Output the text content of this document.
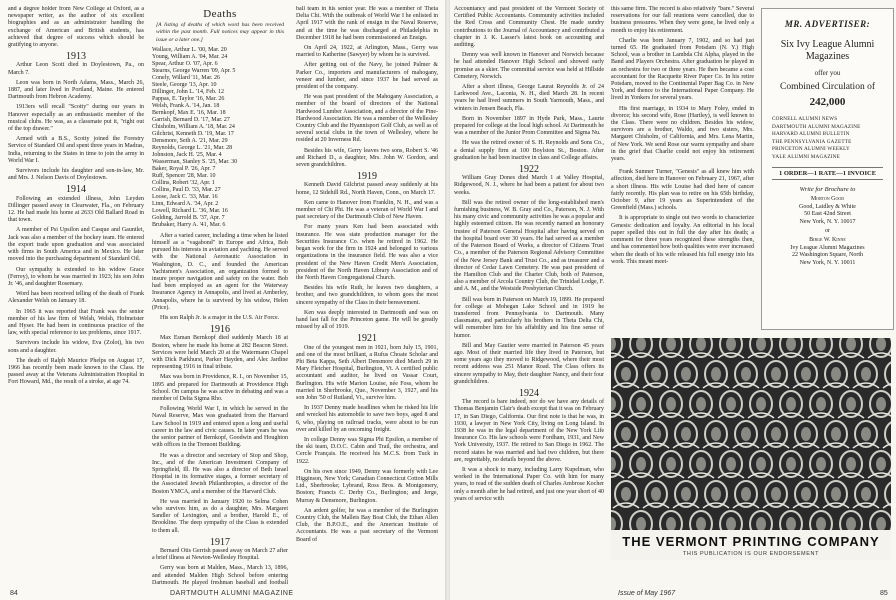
and a degree holder from New College at Oxford, as a newspaper writer, as the author of six excellent biographies and as an administrator handling the exchange of American and British students, has achieved that degree of success which should be gratifying to anyone.

1913

Arthur Leon Scott died in Doylestown, Pa., on March 7.

Leon was born in North Adams, Mass., March 26, 1887, and later lived in Portland, Maine. He entered Dartmouth from Hebron Academy.

1913ers will recall "Scotty" during our years in Hanover especially as an enthusiastic member of the musical clubs. He was, as a classmate put it, "right out of the top drawer."

Armed with a B.S., Scotty joined the Forestry Service of Standard Oil and spent three years in Madras, India, returning to the States in time to join the army in World War I.

Survivors include his daughter and son-in-law, Mr. and Mrs. J. Nelson Davis of Doylestown.

1914

Following an extended illness, John Leyden Dillinger passed away in Clearwater, Fla., on February 12. He had made his home at 2633 Old Ballard Road in that town.

A member of Psi Upsilon and Casque and Gauntlet, Jack was also a member of the hockey team. He entered the export trade upon graduation and was associated with firms in South America and in Mexico. He later moved into the purchasing department of Standard Oil.

Our sympathy is extended to his widow Grace (Ferrey), to whom he was married in 1923; his son John Jr. '46, and daughter Rosemary.

Word has been received telling of the death of Frank Alexander Welsh on January 18.

In 1965 it was reported that Frank was the senior member of his law firm of Welsh, Welsh, Hofmeister and Hyser. He had been in continuous practice of the law, with special reference to tax problems, since 1917.

Survivors include his widow, Eva (Zolot), his two sons and a daughter.

The death of Ralph Maurice Phelps on August 17, 1966 has recently been made known to the Class. He passed away at the Veterans Administration Hospital in Fort Howard, Md., the result of a stroke, at age 74.

Deaths
[A listing of deaths of which word has been received within the past month. Full notices may appear in this issue or a later one.]
Wallace, Arthur L. '00, Mar. 20
Young, William A. '04, Mar. 24
Spear, Arthur O. '07, Apr. 6
Stearns, George Warren '09, Apr. 5
Conely, Willard '11, Mar. 26
Steele, George '13, Apr. 10
Dillinger, John L. '14, Feb. 12
Pappas, E. Taylor '16, Mar. 26
Welsh, Frank A. '14, Jan. 18
Bernkopf, Max E. '16, Mar. 18
Garrish, Bernard D. '17, Mar. 27
Chisholm, William A. '18, Mar. 24
Gilchrist, Kenneth D. '19, Mar. 17
Densmore, Seth A. '21, Mar. 29
Reynolds, George L. '21, Mar. 28
Johnston, Jack H. '25, Mar. 4
Wasserman, Stanley S. '25, Mar. 30
Baker, Royal P. '26, Apr. 7
Ruff, Spencer '28, Mar. 10
Collins, Robert '32, Apr. 1
Collins, Paul D. '33, Mar. 27
Loose, Jack C. '33, Mar. 16
Linn, Edward A. '34, Apr. 2
Lowell, Richard L. '36, Mar. 16
Golding, Jarrold B. '37, Apr. 7
Brubaker, Harry A. '41, Mar. 6

After a varied career, including a time when he listed himself as a "vagabond" in Europe and Africa, Bob pursued his interests in aviation and yachting. He served with the National Aeronautic Association in Washington, D. C., and founded the American Yachtsmen's Association, an organization formed to insure proper navigation and safety on the water. Bob had been employed as an agent for the Waterway Insurance Agency in Annapolis, and lived at Amberley, Annapolis, where he is survived by his widow, Helen (Price).

His son Ralph Jr. is a major in the U.S. Air Force.

1916

Max Esman Bernkopf died suddenly March 18 at Boston, where he made his home at 282 Beacon Street. Services were held March 20 at the Watermann Chapel with Dick Parkhurst, Parker Hayden, and Alec Jardine representing 1916 in final tribute.

Max was born in Providence, R. I., on November 15, 1895 and prepared for Dartmouth at Providence High School. On campus he was active in debating and was a member of Delta Sigma Rho.

Following World War I, in which he served in the Naval Reserve, Max was graduated from the Harvard Law School in 1919 and entered upon a long and useful career in the law and civic causes. In later years he was the senior partner of Bernkopf, Goodwin and Houghton with offices in the Tremont Building.

He was a director and secretary of Stop and Shop, Inc., and of the American Investment Company of Springfield, Ill. He was also a director of Beth Israel Hospital in its formative stages, a former secretary of the Associated Jewish Philanthropies, a director of the Boston YMCA, and a member of the Harvard Club.

He was married in January 1920 to Selma Cohen who survives him, as do a daughter, Mrs. Margaret Sandler of Lexington, and a brother, Harold E., of Brookline. The deep sympathy of the Class is extended to them all.

1917

Bernard Otis Gerrish passed away on March 27 after a brief illness at Newton-Wellesley Hospital.

Gerry was born at Malden, Mass., March 13, 1896, and attended Malden High School before entering Dartmouth. He played freshman baseball and football

ball team in his senior year. He was a member of Theta Delta Chi. With the outbreak of World War I he enlisted in April 1917 with the rank of ensign in the Naval Reserve, and at the time he was discharged at Philadelphia in December 1918 he had been commissioned an Ensign.

On April 24, 1922, at Arlington, Mass., Gerry was married to Katherine (Sawyer) by whom he is survived.

After getting out of the Navy, he joined Palmer & Parker Co., importers and manufacturers of mahogany, veneer and lumber, and since 1937 he had served as president of the company.

He was past president of the Mahogany Association, a member of the board of directors of the National Hardwood Lumber Association, and a director of the Pine-Hardwood Association. He was a member of the Wellesley Country Club and the Hyannisport Golf Club, as well as of several social clubs in the town of Wellesley, where he resided at 20 Inverness Rd.

Besides his wife, Gerry leaves two sons, Robert S. '46 and Richard D., a daughter, Mrs. John W. Gordon, and seven grandchildren.

1919

Kenneth David Gilchrist passed away suddenly at his home, 12 Sidehill Rd., North Haven, Conn., on March 17.

Ken came to Hanover from Franklin, N. H., and was a member of Chi Phi. He was a veteran of World War I and past secretary of the Dartmouth Club of New Haven.

For many years Ken had been associated with insurance. He was state production manager for the Securities Insurance Co. when he retired in 1962. He began work for the firm in 1924 and belonged to various organizations in the insurance field. He was also a vice president of the New Haven Credit Men's Association, president of the North Haven Library Association and of the North Haven Congregational Church.

Besides his wife Ruth, he leaves two daughters, a brother, and two grandchildren, to whom goes the most sincere sympathy of the Class in their bereavement.

Ken was deeply interested in Dartmouth and was on hand last fall for the Princeton game. He will be greatly missed by all of 1919.

1921

One of the youngest men in 1921, born July 15, 1901, and one of the most brilliant, a Rufus Choate Scholar and Phi Beta Kappa, Seth Albert Densmore died March 29 in Mary Fletcher Hospital, Burlington, Vt. A certified public accountant and auditor, he lived on Vassar Court, Burlington. His wife Marion Louise, née Foss, whom he married in Sherbrooke, Que., November 3, 1927, and his son John '50 of Rutland, Vt., survive him.

In 1937 Denny made headlines when he risked his life and wrecked his automobile to save two boys, aged 8 and 6, who, playing on railroad tracks, were about to be run over and killed by an oncoming freight.

In college Denny was Sigma Phi Epsilon, a member of the ski team, D.O.C. Cabin and Trail, the orchestra, and Cercle Français. He received his M.C.S. from Tuck in 1922.

On his own since 1949, Denny was formerly with Lee Higginson, New York; Canadian Connecticut Cotton Mills Ltd., Sherbrooke; Lybrand, Ross Bros. & Montgomery, Boston; Francis C. Derby Co., Burlington; and Jerge, Murray & Densmore, Burlington.

An ardent golfer, he was a member of the Burlington Country Club, the Mallets Bay Boat Club, the Ethan Allen Club, the B.P.O.E., and the American Institute of Accountants. He was a past secretary of the Vermont Board of

84	DARTMOUTH ALUMNI MAGAZINE

Accountancy and past president of the Vermont Society of Certified Public Accountants. Community activities included the Red Cross and Community Chest. He made sundry contributions to the Journal of Accountancy and contributed a chapter in J. K. Lasser's latest book on accounting and auditing.

Denny was well known in Hanover and Norwich because he had attended Hanover High School and showed early promise as a skier. The committal service was held at Hillside Cemetery, Norwich.

After a short illness, George Laurat Reynolds Jr. of 24 Larkwood Ave., Laconia, N. H., died March 28. In recent years he had lived summers in South Yarmouth, Mass., and winters in Jensen Beach, Fla.

Born in November 1897 in Hyde Park, Mass., Laurie prepared for college at the local high school. At Dartmouth he was a member of the Junior Prom Committee and Sigma Nu.

He was the retired owner of S. H. Reynolds and Sons Co., a dental supply firm at 100 Boylston St., Boston. After graduation he had been inactive in class and College affairs.

1922

William Gray Dones died March 1 at Valley Hospital, Ridgewood, N. J., where he had been a patient for about two weeks.

Bill was the retired owner of the long-established men's furnishing business, W. B. Gray and Co., Paterson, N. J. With his many civic and community activities he was a popular and highly esteemed citizen. He was recently named an honorary trustee of Paterson General Hospital after having served on the hospital board over 30 years. He had served as a member of the Paterson Board of Works, a director of Citizens Trust Co., a member of the Paterson Regional Advisory Committee of the New Jersey Bank and Trust Co., and as treasurer and a director of Cedar Lawn Cemetery. He was past president of the Hamilton Club and the Charter Club, both of Paterson, also a member of Arcola Country Club, the Trinidad Lodge, F. and A. M., and the Westside Presbyterian Church.

Bill was born in Paterson on March 19, 1899. He prepared for college at Mohegan Lake School and in 1919 he transferred from Pennsylvania to Dartmouth. Many classmates, and particularly his brothers in Theta Delta Chi, will remember him for his affability and his fine sense of humor.

Bill and May Gautier were married in Paterson 45 years ago. Most of their married life they lived in Paterson, but some years ago they moved to Ridgewood, where their most recent address was 251 Manor Road. The Class offers its sincere sympathy to May, their daughter Nancy, and their four grandchildren.

1924

The record is bare indeed, nor do we have any details of Thomas Benjamin Clair's death except that it was on February 17, in San Diego, California. Our first note is that he was, in 1930, a lawyer in New York City, living on Long Island. In 1938 he was in the legal department of the New York Life Insurance Co. His law schools were Fordham, 1931, and New York University, 1937. He retired to San Diego in 1962. The record states he was married and had two children, but there are, regrettably, no details beyond the above.

It was a shock to many, including Larry Kupelman, who worked in the International Paper Co. with him for many years, to read of the sudden death of Charles Ambrose Kocher only a month after he had retired, and just one year short of 40 years of service with

this same firm. The record is also relatively "bare." Several reservations for our fall reunions were cancelled, due to business pressures. When they were gone, he lived only a month to enjoy his retirement.

Charlie was born January 7, 1902, and so had just turned 65. He graduated from Potsdam (N. Y.) High School, was a brother in Lambda Chi Alpha, played in the Band and Players Orchestra. After graduation he played in an orchestra for two or three years. He then became a cost accountant for the Racquette River Paper Co. In his retire Potsdam, moved to the Continental Paper Bag Co. in New York, and thence to the International Paper Company. He lived in Yonkers for several years.

His first marriage, in 1934 to Mary Foley, ended in divorce; his second wife, Rose (Hartley), is well known to the Class. There were no children. Besides his widow, survivors are a brother, Waldo, and two sisters, Mrs. Margaret Chisholm, of California, and Mrs. Lena Martin, of New York. We send Rose our warm sympathy and share in the grief that Charlie could not enjoy his retirement years.

Frank Sumner Turner, "Genesis" as all knew him with affection, died here in Hanover on February 21, 1967, after a short illness. His wife Louise had died here of cancer fairly recently. His plan was to retire on his 65th birthday, October 9, after 19 years as Superintendent of the Greenfield (Mass.) schools.

It is appropriate to single out two words to characterize Genesis: dedication and loyalty. An editorial in his local paper spelled this out in full the day after his death; a comment for three years recognized these strengths then, and has commented how both qualities were ever increased when the death of his wife released his full energy into his work. This meant meet-

Issue of May 1967	85
MR. ADVERTISER:
Six Ivy League Alumni Magazines
offer you
Combined Circulation of
242,000
CORNELL ALUMNI NEWS
DARTMOUTH ALUMNI MAGAZINE
HARVARD ALUMNI BULLETIN
THE PENNSYLVANIA GAZETTE
PRINCETON ALUMNI WEEKLY
YALE ALUMNI MAGAZINE
1 ORDER—1 RATE—1 INVOICE
Write for Brochure to
Morton Good
Good, Laidley & White
50 East 42nd Street
New York, N. Y. 10017
or
Birge W. Kinne
Ivy League Alumni Magazines
22 Washington Square, North
New York, N. Y. 10011
THE VERMONT PRINTING COMPANY
THIS PUBLICATION IS OUR ENDORSEMENT
